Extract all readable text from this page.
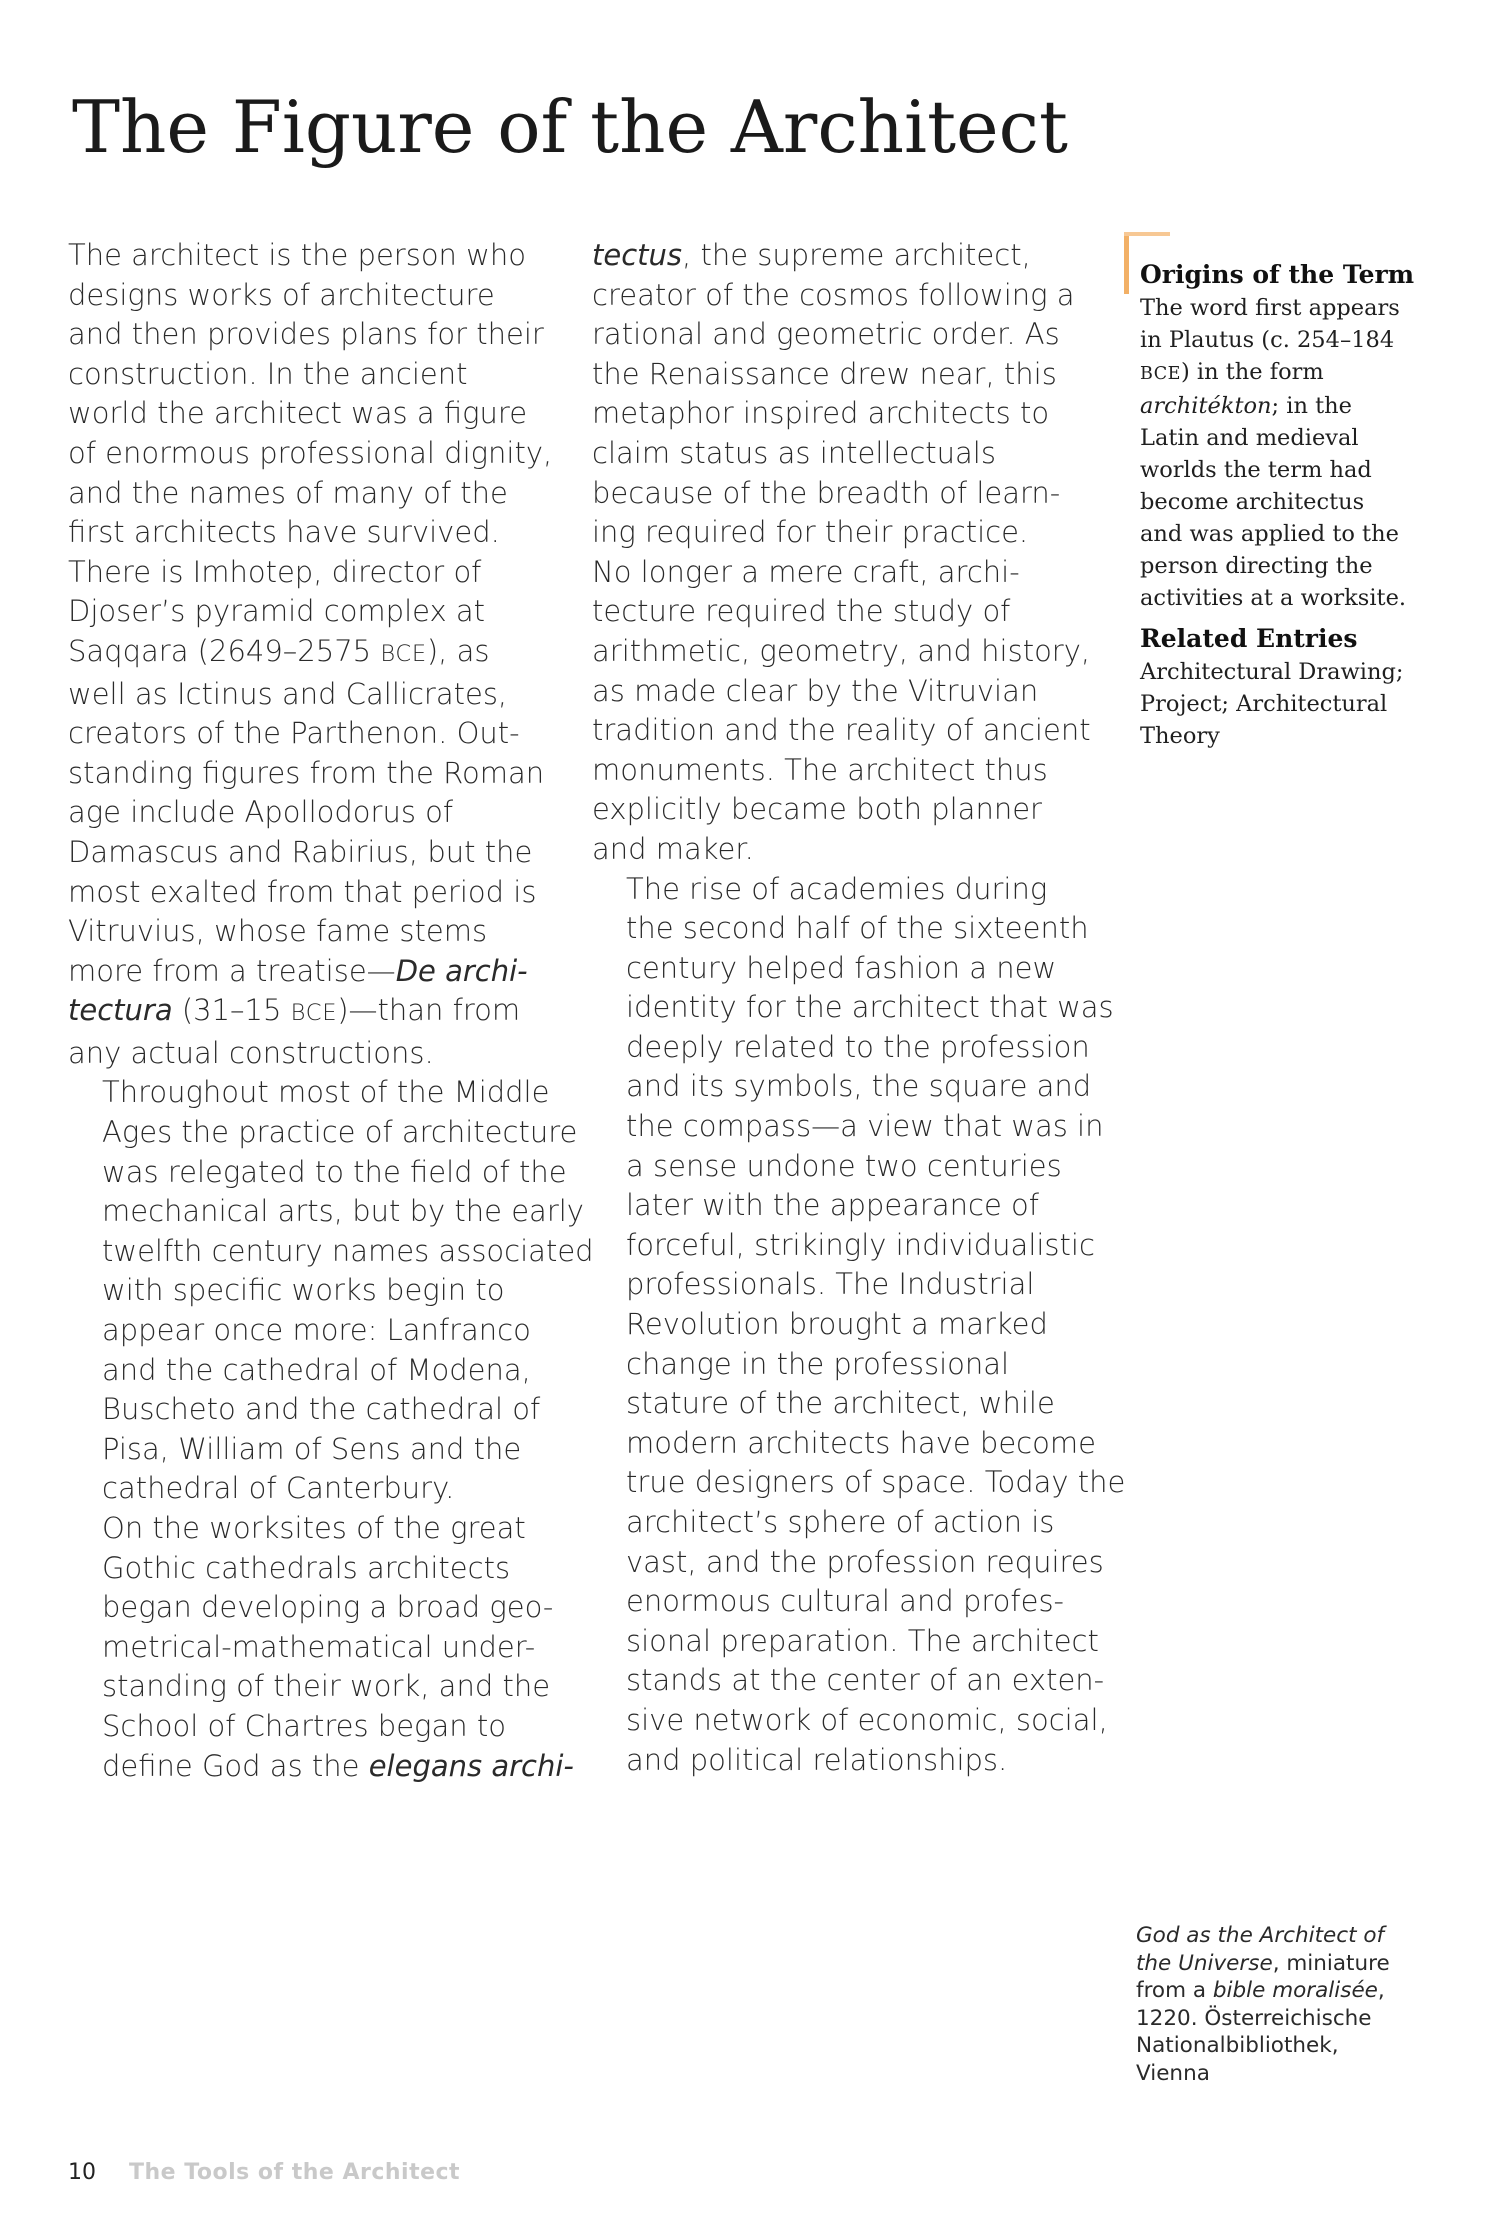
The Figure of the Architect

The architect is the person who
designs works of architecture
and then provides plans for their
construction. In the ancient
world the architect was a figure
of enormous professional dignity,
and the names of many of the
first architects have survived.
There is Imhotep, director of
Djoser’s pyramid complex at
Saqqara (2649–2575 BCE), as
well as Ictinus and Callicrates,
creators of the Parthenon. Out-
standing figures from the Roman
age include Apollodorus of
Damascus and Rabirius, but the
most exalted from that period is
Vitruvius, whose fame stems
more from a treatise—De archi-
tectura (31–15 BCE)—than from
any actual constructions.

Throughout most of the Middle
Ages the practice of architecture
was relegated to the field of the
mechanical arts, but by the early
twelfth century names associated
with specific works begin to
appear once more: Lanfranco
and the cathedral of Modena,
Buscheto and the cathedral of
Pisa, William of Sens and the
cathedral of Canterbury.

On the worksites of the great
Gothic cathedrals architects
began developing a broad geo-
metrical-mathematical under-
standing of their work, and the
School of Chartres began to
define God as the elegans archi-

tectus, the supreme architect,
creator of the cosmos following a
rational and geometric order. As
the Renaissance drew near, this
metaphor inspired architects to
claim status as intellectuals
because of the breadth of learn-
ing required for their practice.
No longer a mere craft, archi-
tecture required the study of
arithmetic, geometry, and history,
as made clear by the Vitruvian
tradition and the reality of ancient
monuments. The architect thus
explicitly became both planner
and maker.

The rise of academies during
the second half of the sixteenth
century helped fashion a new
identity for the architect that was
deeply related to the profession
and its symbols, the square and
the compass—a view that was in
a sense undone two centuries
later with the appearance of
forceful, strikingly individualistic
professionals. The Industrial
Revolution brought a marked
change in the professional
stature of the architect, while
modern architects have become
true designers of space. Today the
architect’s sphere of action is
vast, and the profession requires
enormous cultural and profes-
sional preparation. The architect
stands at the center of an exten-
sive network of economic, social,
and political relationships.

Origins of the Term

The word first appears
in Plautus (c. 254–184
BCE) in the form
architékton; in the
Latin and medieval
worlds the term had
become architectus
and was applied to the
person directing the
activities at a worksite.

Related Entries

Architectural Drawing;
Project; Architectural
Theory

God as the Architect of
the Universe, miniature
from a bible moralisée,
1220. Österreichische
Nationalbibliothek,
Vienna
10 The Tools of the Architect
